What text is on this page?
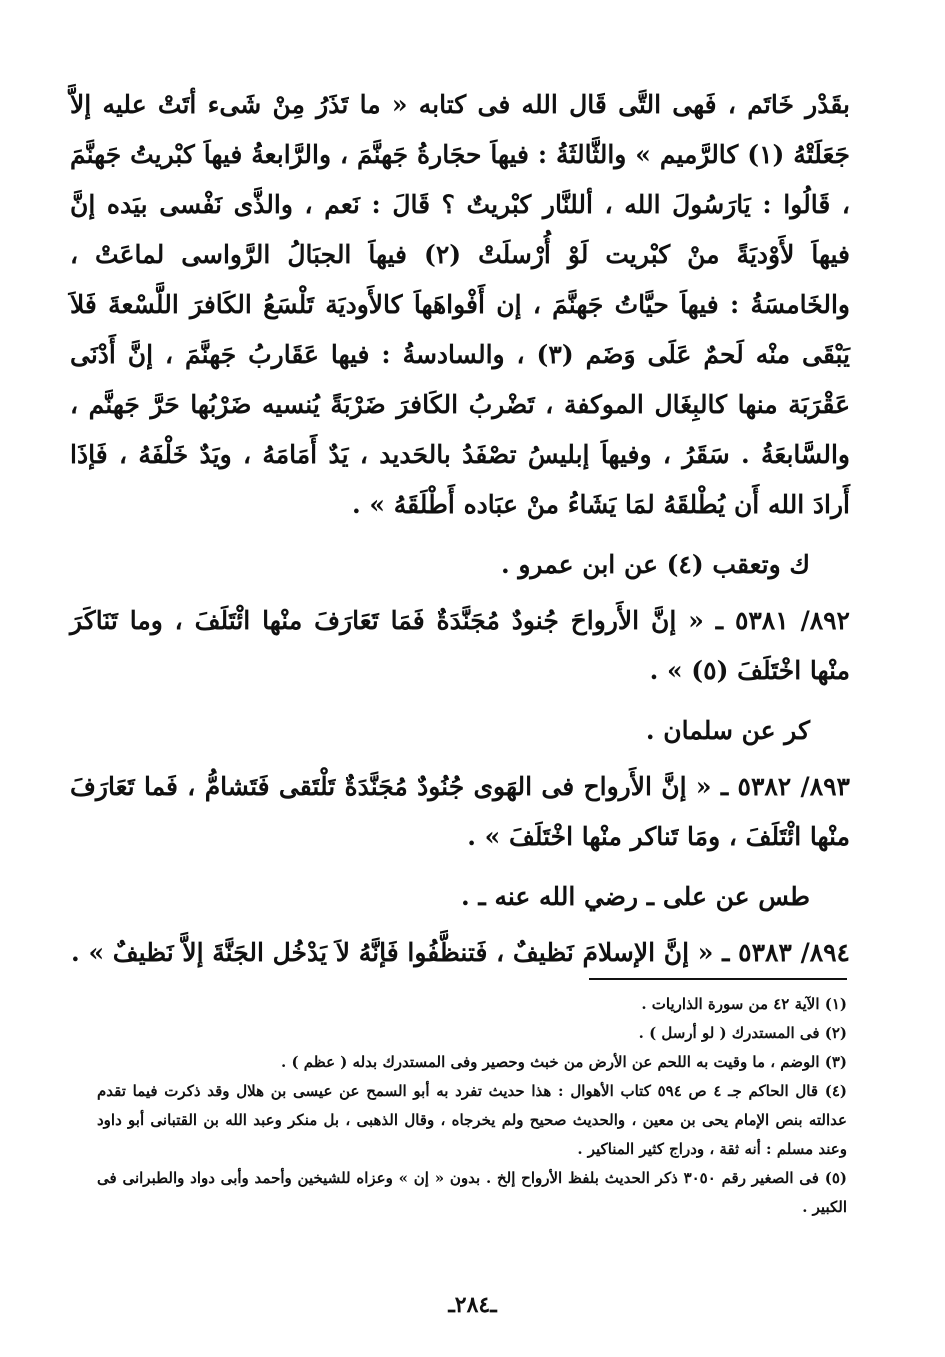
بقَدْر خَاتَم ، فَهى التَّى قَال الله فى كتابه « ما تَذَرُ مِنْ شَىء أتَتْ عليه إلاَّ جَعَلَتْهُ (١) كالرَّميم » والثَّالثَةُ : فيهاَ حجَارةُ جَهنَّمَ ، والرَّابعةُ فيهاَ كبْريتُ جَهنَّمَ ، قَالُوا : يَارَسُولَ الله ، أللنَّار كبْريتٌ ؟ قَالَ : نَعم ، والذَّى نَفْسى بيَده إنَّ فيهاَ لأَوْديَةً منْ كبْريت لَوْ أُرْسلَتْ (٢) فيهاَ الجبَالُ الرَّواسى لماعَتْ ، والخَامسَةُ : فيهاَ حيَّاتُ جَهنَّمَ ، إن أَفْواهَهاَ كالأَوديَة تَلْسَعُ الكَافرَ اللَّسْعةَ فَلاَ يَبْقَى منْه لَحمٌ عَلَى وَضَم (٣) ، والسادسةُ : فيها عَقَاربُ جَهنَّمَ ، إنَّ أَدْنَى عَقْرَبَة منها كالبِغَال الموكفة ، تَضْربُ الكَافرَ ضَرْبَةً يُنسيه ضَرْبُها حَرَّ جَهنَّم ، والسَّابعَةُ . سَقَرُ ، وفيهاَ إبليسُ تصْفَدُ بالحَديد ، يَدٌ أَمَامَهُ ، ويَدٌ خَلْفَهُ ، فَإذَا أَرادَ الله أَن يُطْلقَهُ لمَا يَشَاءُ منْ عبَاده أَطْلَقَهُ » .

ك وتعقب (٤) عن ابن عمرو .

٨٩٢/ ٥٣٨١ ـ « إنَّ الأَرواحَ جُنودٌ مُجَنَّدَةٌ فَمَا تَعَارَفَ منْها ائْتَلَفَ ، وما تَنَاكَرَ منْها اخْتَلَفَ (٥) » .

كر عن سلمان .

٨٩٣/ ٥٣٨٢ ـ « إنَّ الأَرواح فى الهَوى جُنُودٌ مُجَنَّدَةٌ تَلْتَقى فَتَشامُّ ، فَما تَعَارَفَ منْها ائْتَلَفَ ، ومَا تَناكر منْها اخْتَلَفَ » .

طس عن على ـ رضي الله عنه ـ .

٨٩٤/ ٥٣٨٣ ـ « إنَّ الإسلامَ نَظيفٌ ، فَتنظَّفُوا فَإنَّهُ لاَ يَدْخُل الجَنَّةَ إلاَّ نَظيفٌ » .

(١) الآية ٤٢ من سورة الذاريات .

(٢) فى المستدرك ( لو أرسل ) .

(٣) الوضم ، ما وقيت به اللحم عن الأرض من خبث وحصير وفى المستدرك بدله ( عظم ) .

(٤) قال الحاكم جـ ٤ ص ٥٩٤ كتاب الأهوال : هذا حديث تفرد به أبو السمح عن عيسى بن هلال وقد ذكرت فيما تقدم عدالته بنص الإمام يحى بن معين ، والحديث صحيح ولم يخرجاه ، وقال الذهبى ، بل منكر وعبد الله بن القتبانى أبو داود وعند مسلم : أنه ثقة ، ودراج كثير المناكير .

(٥) فى الصغير رقم ٣٠٥٠ ذكر الحديث بلفظ الأرواح إلخ . بدون « إن » وعزاه للشيخين وأحمد وأبى دواد والطبرانى فى الكبير .

ـ٢٨٤ـ
